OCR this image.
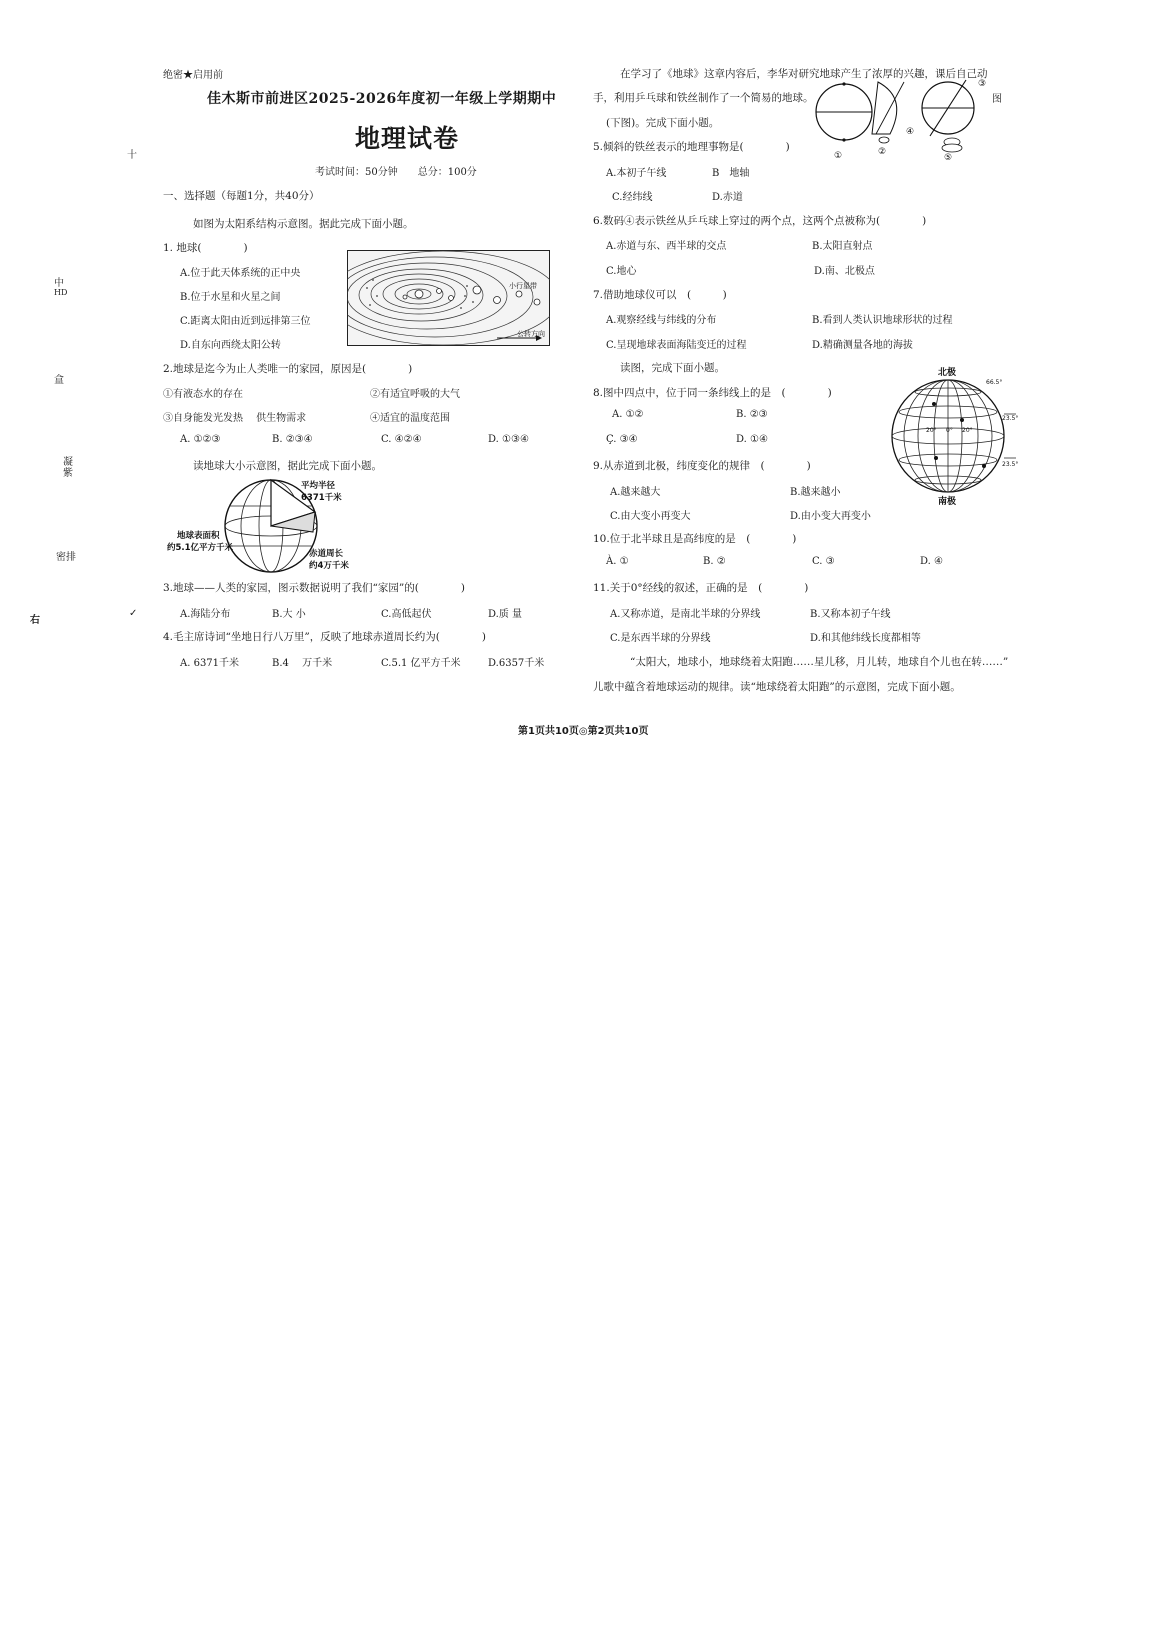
十
中
HD
盒
凝
紫
密排
右
✓
绝密★启用前
佳木斯市前进区2025-2026年度初一年级上学期期中
地理试卷
考试时间：50分钟　　总分：100分
一、选择题（每题1分，共40分）
如图为太阳系结构示意图。据此完成下面小题。
1. 地球(　　　　)
A.位于此天体系统的正中央
B.位于水星和火星之间
C.距离太阳由近到远排第三位
D.自东向西绕太阳公转
小行星带
公转方向
2.地球是迄今为止人类唯一的家园，原因是(　　　　)
①有液态水的存在	②有适宜呼吸的大气
③自身能发光发热　 供生物需求	④适宜的温度范围
A. ①②③	B. ②③④	C. ④②④	D. ①③④
读地球大小示意图，据此完成下面小题。
平均半径
6371千米
地球表面积
约5.1亿平方千米
赤道周长
约4万千米
3.地球——人类的家园，图示数据说明了我们“家园”的(　　　　)
A.海陆分布	B.大 小	C.高低起伏	D.质 量
4.毛主席诗词“坐地日行八万里”，反映了地球赤道周长约为(　　　　)
A. 6371千米	B.4　 万千米	C.5.1 亿平方千米	D.6357千米
在学习了《地球》这章内容后，李华对研究地球产生了浓厚的兴趣，课后自己动
手，利用乒乓球和铁丝制作了一个简易的地球。
(下图)。完成下面小题。
①	②
③
④
⑤
图
5.倾斜的铁丝表示的地理事物是(　　　　)
A.本初子午线	B　地轴
C.经纬线	D.赤道
6.数码④表示铁丝从乒乓球上穿过的两个点，这两个点被称为(　　　　)
A.赤道与东、西半球的交点	B.太阳直射点
C.地心	D.南、北极点
7.借助地球仪可以　(　　　)
A.观察经线与纬线的分布	B.看到人类认识地球形状的过程
C.呈现地球表面海陆变迁的过程	D.精确测量各地的海拔
读图，完成下面小题。	北极
南极
66.5°
23.5°
23.5°
20° 0° 20°
8.图中四点中，位于同一条纬线上的是　(　　　　)
A. ①②	B. ②③
Ç. ③④	D. ①④
9.从赤道到北极，纬度变化的规律　(　　　　)
A.越来越大	B.越来越小
C.由大变小再变大	D.由小变大再变小
10.位于北半球且是高纬度的是　(　　　　)
À. ①	B. ②	C. ③	D. ④
11.关于0°经线的叙述，正确的是　(　　　　)
A.又称赤道，是南北半球的分界线	B.又称本初子午线
C.是东西半球的分界线	D.和其他纬线长度都相等
“太阳大，地球小，地球绕着太阳跑……星儿移，月儿转，地球自个儿也在转……”
儿歌中蕴含着地球运动的规律。读“地球绕着太阳跑”的示意图，完成下面小题。
第1页共10页◎第2页共10页
